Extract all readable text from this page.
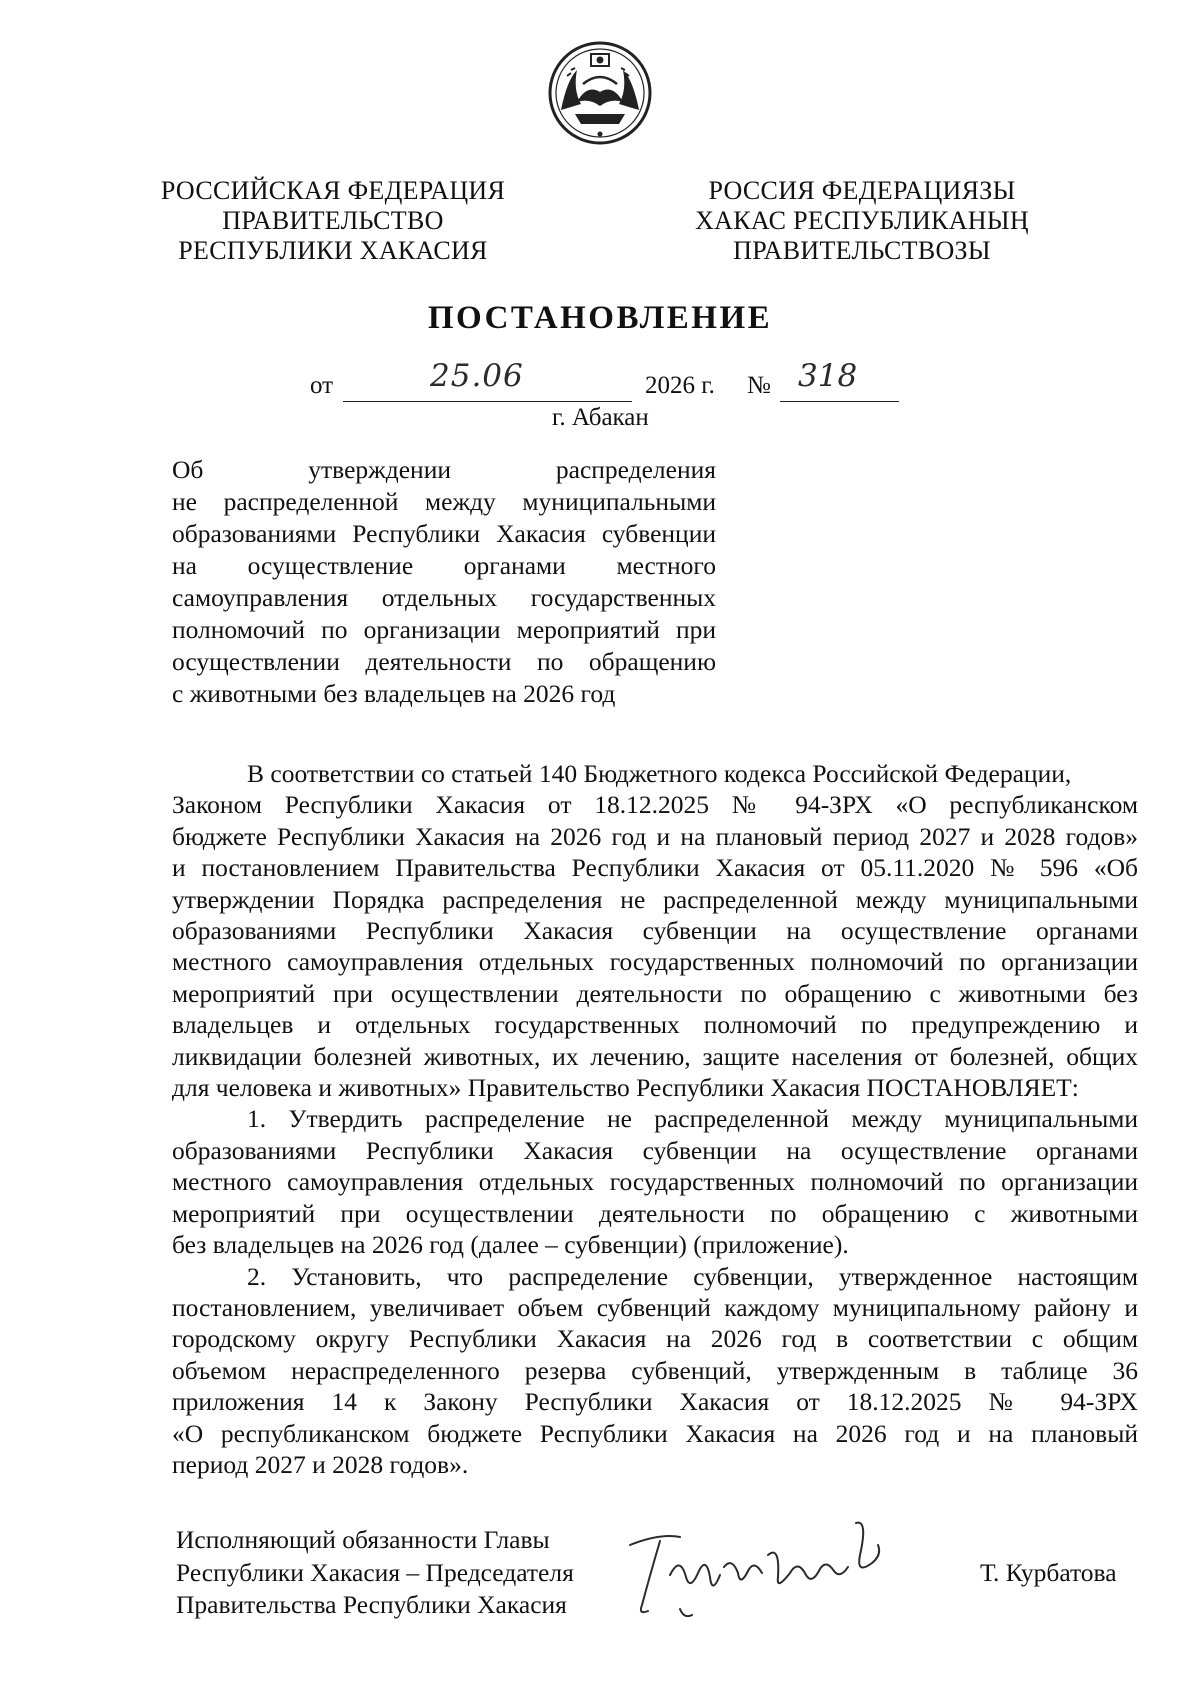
РОССИЙСКАЯ ФЕДЕРАЦИЯ
ПРАВИТЕЛЬСТВО
РЕСПУБЛИКИ ХАКАСИЯ
РОССИЯ ФЕДЕРАЦИЯЗЫ
ХАКАС РЕСПУБЛИКАНЫҢ
ПРАВИТЕЛЬСТВОЗЫ
ПОСТАНОВЛЕНИЕ
от	25.06	2026 г. № 318
г. Абакан
Об утверждении распределения
не распределенной между муниципальными
образованиями Республики Хакасия субвенции
на осуществление органами местного
самоуправления отдельных государственных
полномочий по организации мероприятий при
осуществлении деятельности по обращению
с животными без владельцев на 2026 год

В соответствии со статьей 140 Бюджетного кодекса Российской Федерации,
Законом Республики Хакасия от 18.12.2025 № 94-ЗРХ «О республиканском
бюджете Республики Хакасия на 2026 год и на плановый период 2027 и 2028 годов»
и постановлением Правительства Республики Хакасия от 05.11.2020 № 596 «Об
утверждении Порядка распределения не распределенной между муниципальными
образованиями Республики Хакасия субвенции на осуществление органами
местного самоуправления отдельных государственных полномочий по организации
мероприятий при осуществлении деятельности по обращению с животными без
владельцев и отдельных государственных полномочий по предупреждению и
ликвидации болезней животных, их лечению, защите населения от болезней, общих
для человека и животных» Правительство Республики Хакасия ПОСТАНОВЛЯЕТ:

1. Утвердить распределение не распределенной между муниципальными
образованиями Республики Хакасия субвенции на осуществление органами
местного самоуправления отдельных государственных полномочий по организации
мероприятий при осуществлении деятельности по обращению с животными
без владельцев на 2026 год (далее – субвенции) (приложение).

2. Установить, что распределение субвенции, утвержденное настоящим
постановлением, увеличивает объем субвенций каждому муниципальному району и
городскому округу Республики Хакасия на 2026 год в соответствии с общим
объемом нераспределенного резерва субвенций, утвержденным в таблице 36
приложения 14 к Закону Республики Хакасия от 18.12.2025 № 94-ЗРХ
«О республиканском бюджете Республики Хакасия на 2026 год и на плановый
период 2027 и 2028 годов».

Исполняющий обязанности Главы
Республики Хакасия – Председателя
Правительства Республики Хакасия
Т. Курбатова
